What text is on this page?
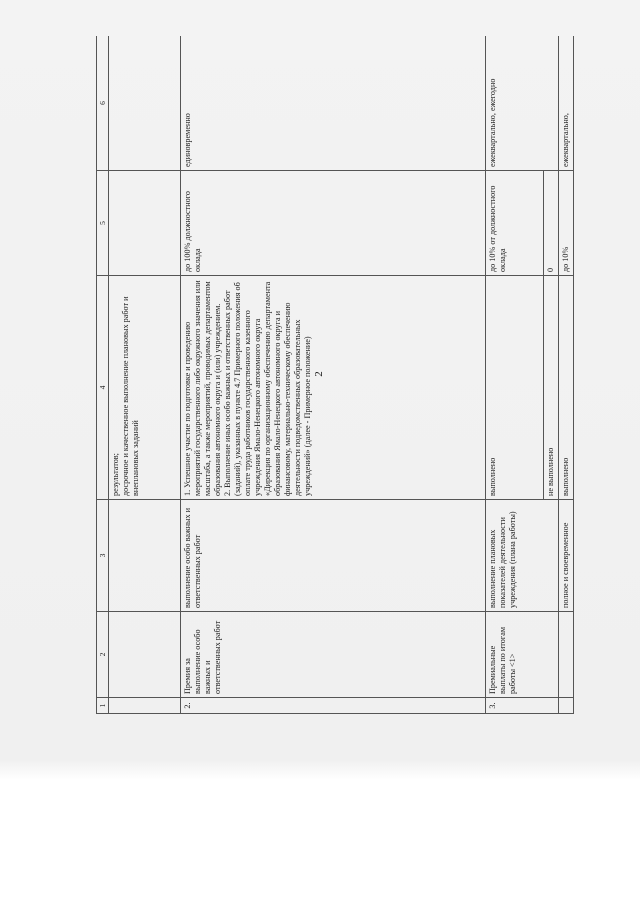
2
1	2	3	4	5	6
			результатов;
досрочное и качественное выполнение плановых работ и внеплановых заданий		
2.	Премия за выполнение особо важных и ответственных работ	выполнение особо важных и ответственных работ	1. Успешное участие по подготовке и проведению мероприятий государственного либо окружного значения или масштаба, а также мероприятий, проводимых департаментом образования автономного округа и (или) учреждением.
2. Выполнение иных особо важных и ответственных работ (заданий), указанных в пункте 4.7 Примерного положения об оплате труда работников государственного казенного учреждения Ямало-Ненецкого автономного округа «Дирекция по организационному обеспечению департамента образования Ямало-Ненецкого автономного округа и финансовому, материально-техническому обеспечению деятельности подведомственных образовательных учреждений» (далее - Примерное положение)	до 100% должностного оклада	единовременно
3.	Премиальные выплаты по итогам работы <1>	выполнение плановых показателей деятельности учреждения (плана работы)	выполнено	до 10% от должностного оклада	ежеквартально, ежегодно
			не выполнено	0	
		полное и своевременное	выполнено	до 10%	ежеквартально,
